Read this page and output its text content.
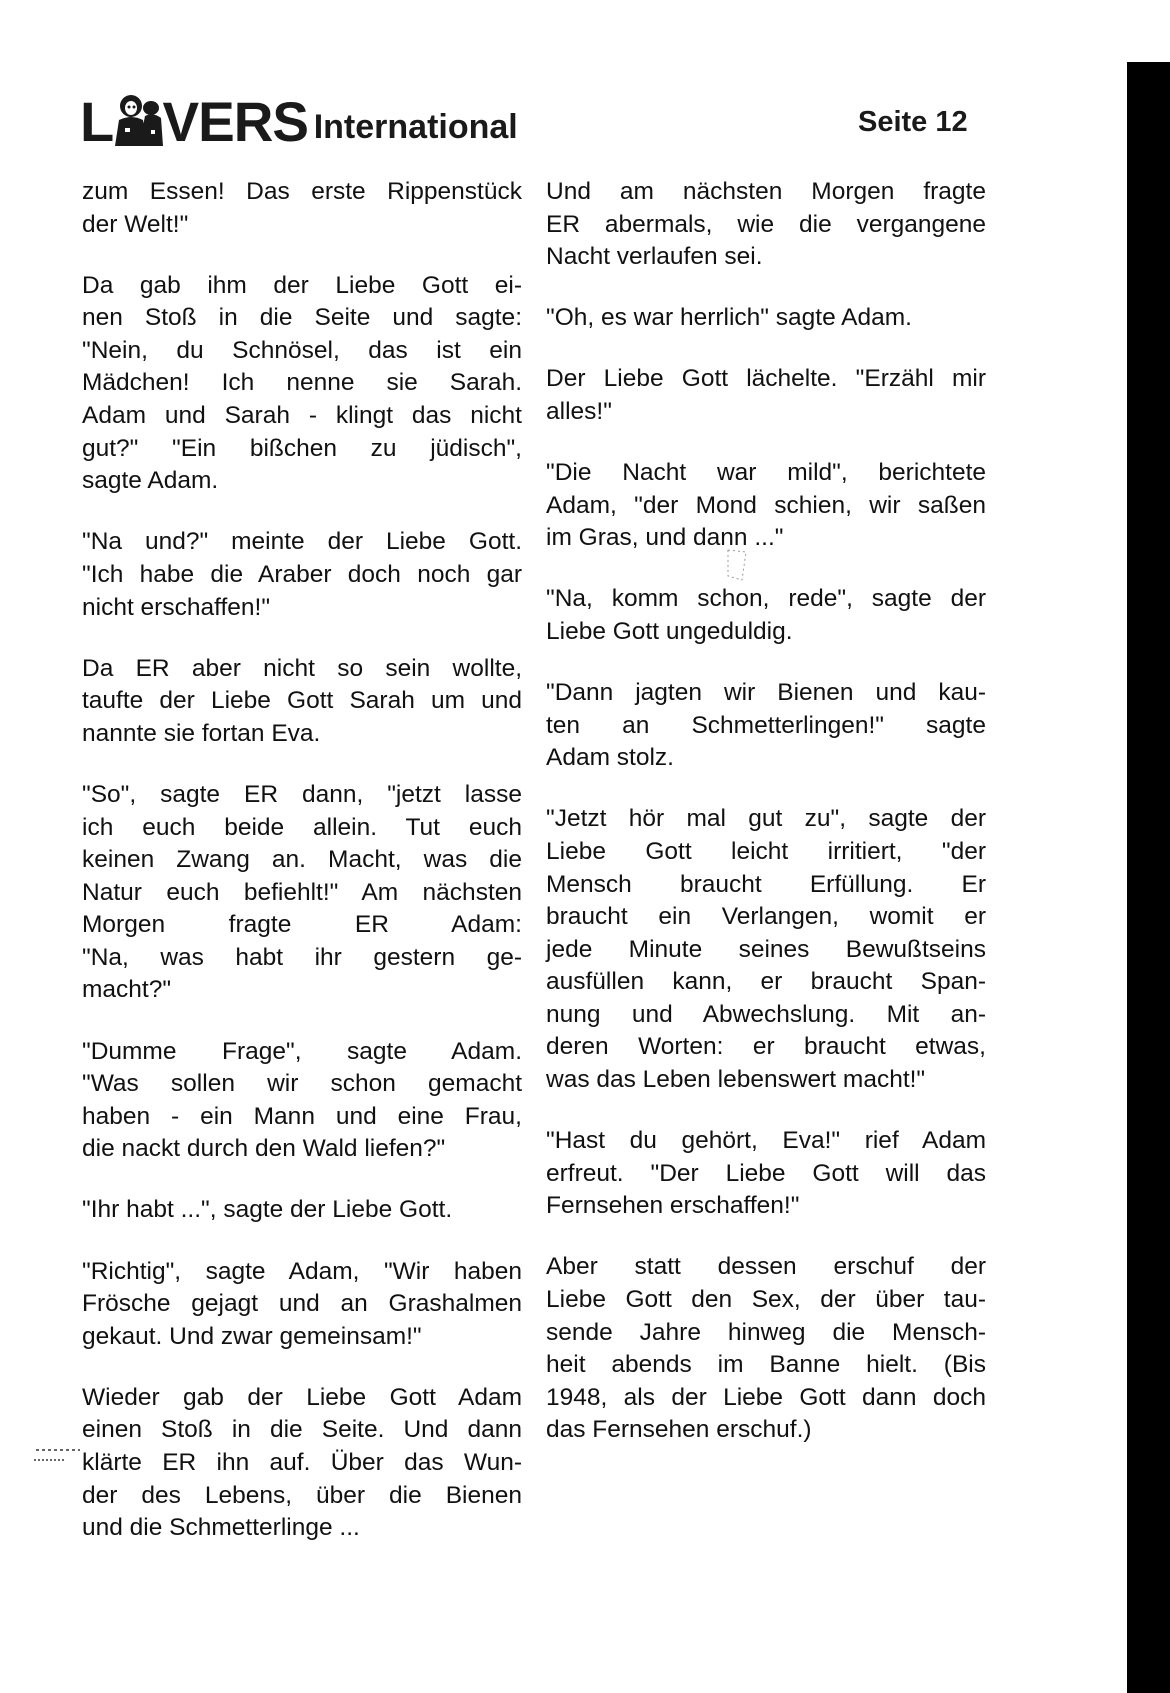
L VERS International	Seite 12
zum Essen! Das erste Rippenstück
der Welt!"
Da gab ihm der Liebe Gott ei-
nen Stoß in die Seite und sagte:
"Nein, du Schnösel, das ist ein
Mädchen! Ich nenne sie Sarah.
Adam und Sarah - klingt das nicht
gut?" "Ein bißchen zu jüdisch",
sagte Adam.
"Na und?" meinte der Liebe Gott.
"Ich habe die Araber doch noch gar
nicht erschaffen!"
Da ER aber nicht so sein wollte,
taufte der Liebe Gott Sarah um und
nannte sie fortan Eva.
"So", sagte ER dann, "jetzt lasse
ich euch beide allein. Tut euch
keinen Zwang an. Macht, was die
Natur euch befiehlt!" Am nächsten
Morgen fragte ER Adam:
"Na, was habt ihr gestern ge-
macht?"
"Dumme Frage", sagte Adam.
"Was sollen wir schon gemacht
haben - ein Mann und eine Frau,
die nackt durch den Wald liefen?"
"Ihr habt ...", sagte der Liebe Gott.
"Richtig", sagte Adam, "Wir haben
Frösche gejagt und an Grashalmen
gekaut. Und zwar gemeinsam!"
Wieder gab der Liebe Gott Adam
einen Stoß in die Seite. Und dann
klärte ER ihn auf. Über das Wun-
der des Lebens, über die Bienen
und die Schmetterlinge ...
Und am nächsten Morgen fragte
ER abermals, wie die vergangene
Nacht verlaufen sei.
"Oh, es war herrlich" sagte Adam.
Der Liebe Gott lächelte. "Erzähl mir
alles!"
"Die Nacht war mild", berichtete
Adam, "der Mond schien, wir saßen
im Gras, und dann ..."
"Na, komm schon, rede", sagte der
Liebe Gott ungeduldig.
"Dann jagten wir Bienen und kau-
ten an Schmetterlingen!" sagte
Adam stolz.
"Jetzt hör mal gut zu", sagte der
Liebe Gott leicht irritiert, "der
Mensch braucht Erfüllung. Er
braucht ein Verlangen, womit er
jede Minute seines Bewußtseins
ausfüllen kann, er braucht Span-
nung und Abwechslung. Mit an-
deren Worten: er braucht etwas,
was das Leben lebenswert macht!"
"Hast du gehört, Eva!" rief Adam
erfreut. "Der Liebe Gott will das
Fernsehen erschaffen!"
Aber statt dessen erschuf der
Liebe Gott den Sex, der über tau-
sende Jahre hinweg die Mensch-
heit abends im Banne hielt. (Bis
1948, als der Liebe Gott dann doch
das Fernsehen erschuf.)
